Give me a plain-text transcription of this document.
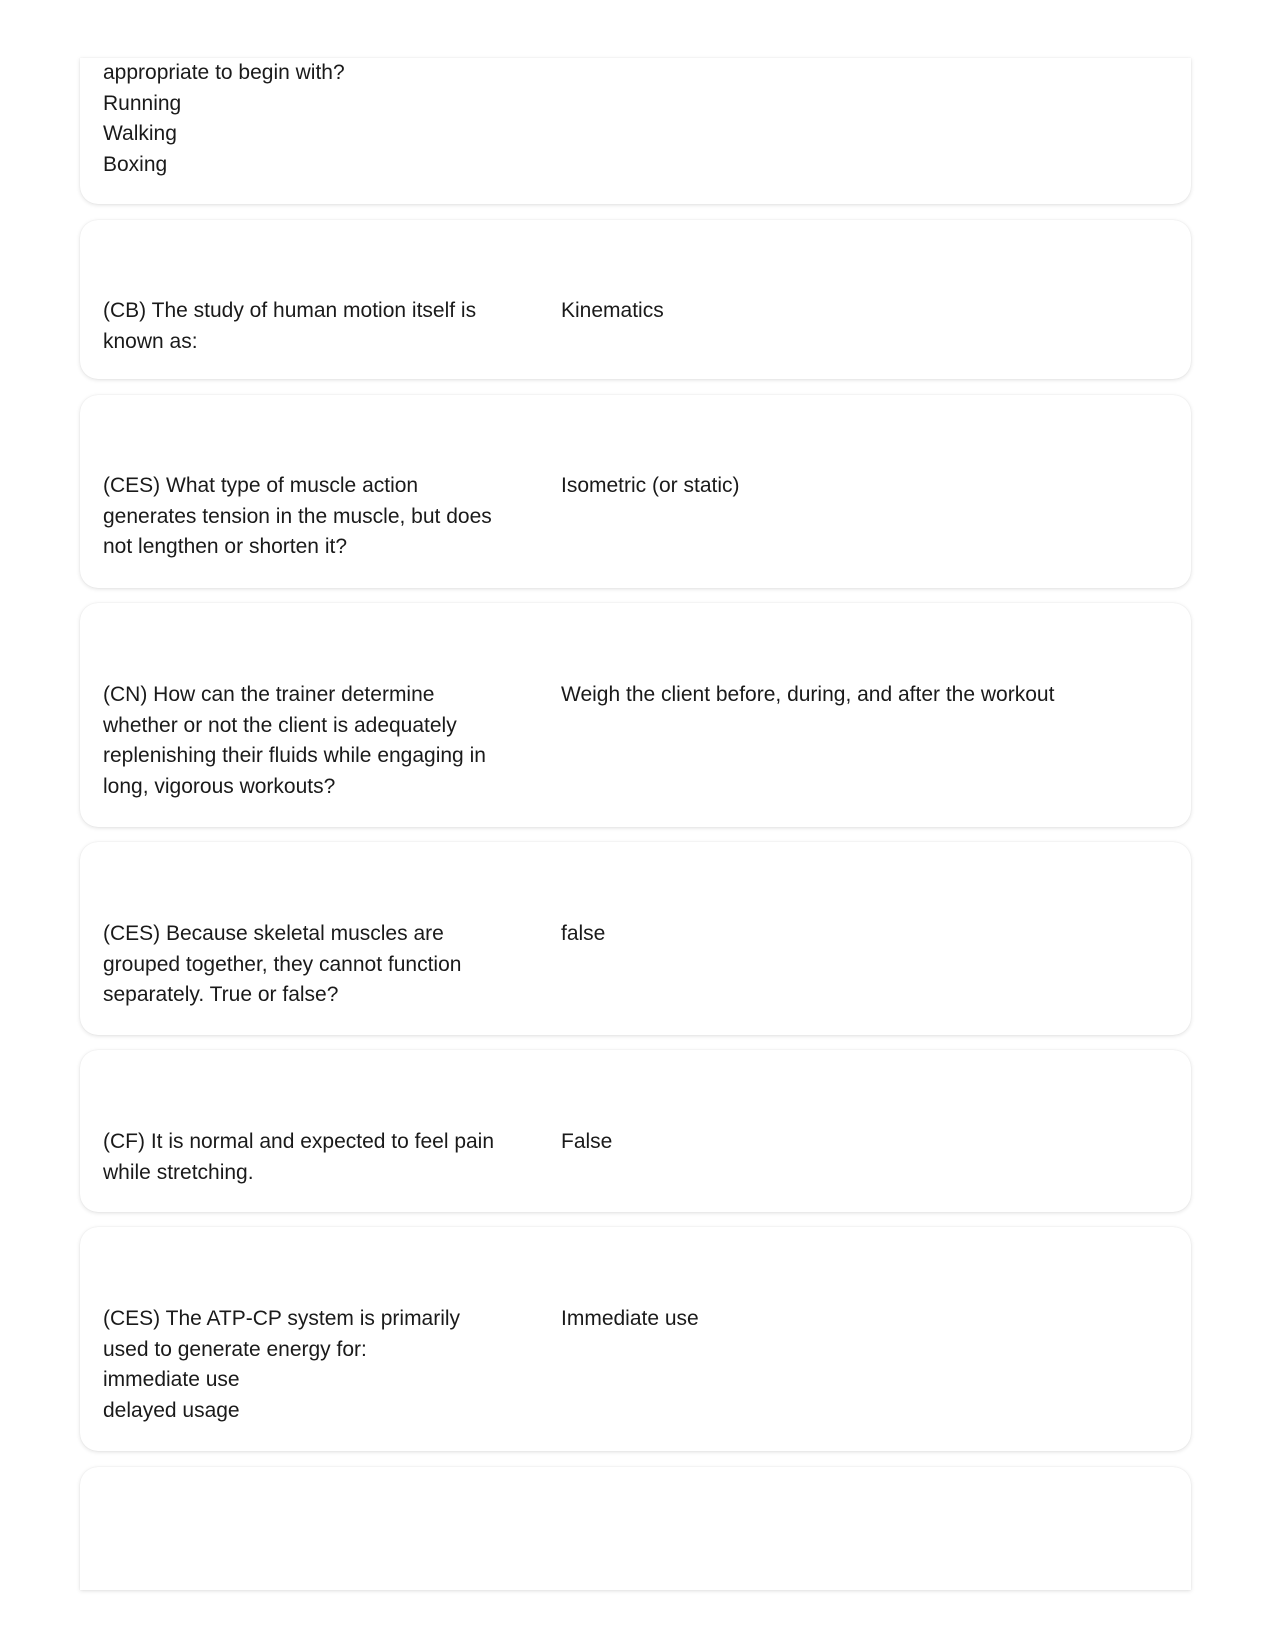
appropriate to begin with?
Running
Walking
Boxing
(CB) The study of human motion itself is
known as:
Kinematics
(CES) What type of muscle action
generates tension in the muscle, but does
not lengthen or shorten it?
Isometric (or static)
(CN) How can the trainer determine
whether or not the client is adequately
replenishing their fluids while engaging in
long, vigorous workouts?
Weigh the client before, during, and after the workout
(CES) Because skeletal muscles are
grouped together, they cannot function
separately. True or false?
false
(CF) It is normal and expected to feel pain
while stretching.
False
(CES) The ATP-CP system is primarily
used to generate energy for:
immediate use
delayed usage
Immediate use
